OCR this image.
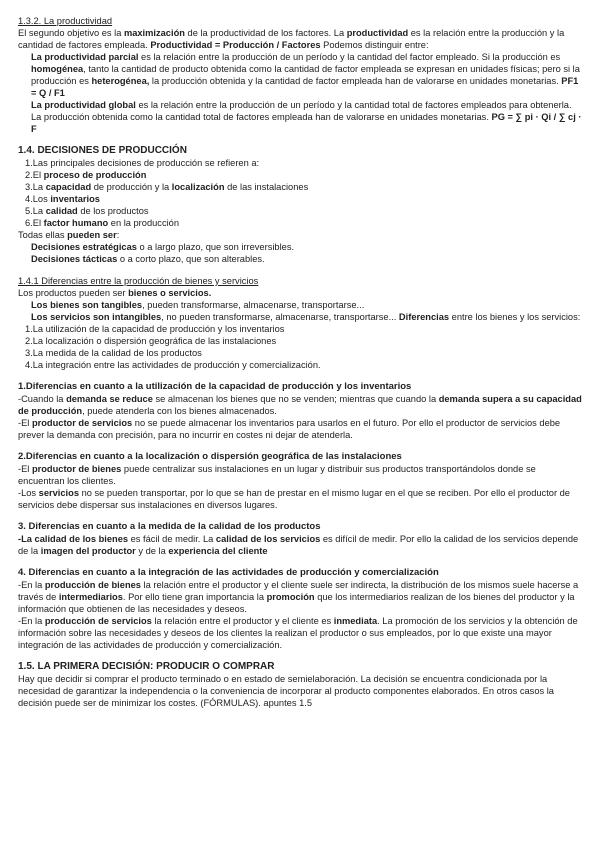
1.3.2. La productividad

El segundo objetivo es la maximización de la productividad de los factores. La productividad es la relación entre la producción y la cantidad de factores empleada. Productividad = Producción / Factores Podemos distinguir entre:

La productividad parcial es la relación entre la producción de un período y la cantidad del factor empleado. Si la producción es homogénea, tanto la cantidad de producto obtenida como la cantidad de factor empleada se expresan en unidades físicas; pero si la producción es heterogénea, la producción obtenida y la cantidad de factor empleada han de valorarse en unidades monetarias. PF1 = Q / F1

La productividad global es la relación entre la producción de un período y la cantidad total de factores empleados para obtenerla. La producción obtenida como la cantidad total de factores empleada han de valorarse en unidades monetarias. PG = ∑ pi · Qi / ∑ cj · F

1.4. DECISIONES DE PRODUCCIÓN

1.Las principales decisiones de producción se refieren a:

2.El proceso de producción

3.La capacidad de producción y la localización de las instalaciones

4.Los inventarios

5.La calidad de los productos

6.El factor humano en la producción

Todas ellas pueden ser:

Decisiones estratégicas o a largo plazo, que son irreversibles.

Decisiones tácticas o a corto plazo, que son alterables.

1.4.1 Diferencias entre la producción de bienes y servicios

Los productos pueden ser bienes o servicios.

Los bienes son tangibles, pueden transformarse, almacenarse, transportarse...

Los servicios son intangibles, no pueden transformarse, almacenarse, transportarse... Diferencias entre los bienes y los servicios:

1.La utilización de la capacidad de producción y los inventarios

2.La localización o dispersión geográfica de las instalaciones

3.La medida de la calidad de los productos

4.La integración entre las actividades de producción y comercialización.

1.Diferencias en cuanto a la utilización de la capacidad de producción y los inventarios

-Cuando la demanda se reduce se almacenan los bienes que no se venden; mientras que cuando la demanda supera a su capacidad de producción, puede atenderla con los bienes almacenados.

-El productor de servicios no se puede almacenar los inventarios para usarlos en el futuro. Por ello el productor de servicios debe prever la demanda con precisión, para no incurrir en costes ni dejar de atenderla.

2.Diferencias en cuanto a la localización o dispersión geográfica de las instalaciones

-El productor de bienes puede centralizar sus instalaciones en un lugar y distribuir sus productos transportándolos donde se encuentran los clientes.

-Los servicios no se pueden transportar, por lo que se han de prestar en el mismo lugar en el que se reciben. Por ello el productor de servicios debe dispersar sus instalaciones en diversos lugares.

3. Diferencias en cuanto a la medida de la calidad de los productos

-La calidad de los bienes es fácil de medir. La calidad de los servicios es difícil de medir. Por ello la calidad de los servicios depende de la imagen del productor y de la experiencia del cliente

4. Diferencias en cuanto a la integración de las actividades de producción y comercialización

-En la producción de bienes la relación entre el productor y el cliente suele ser indirecta, la distribución de los mismos suele hacerse a través de intermediarios. Por ello tiene gran importancia la promoción que los intermediarios realizan de los bienes del productor y la información que obtienen de las necesidades y deseos.

-En la producción de servicios la relación entre el productor y el cliente es inmediata. La promoción de los servicios y la obtención de información sobre las necesidades y deseos de los clientes la realizan el productor o sus empleados, por lo que existe una mayor integración de las actividades de producción y comercialización.

1.5. LA PRIMERA DECISIÓN: PRODUCIR O COMPRAR

Hay que decidir si comprar el producto terminado o en estado de semielaboración. La decisión se encuentra condicionada por la necesidad de garantizar la independencia o la conveniencia de incorporar al producto componentes elaborados. En otros casos la decisión puede ser de minimizar los costes. (FÓRMULAS). apuntes 1.5
